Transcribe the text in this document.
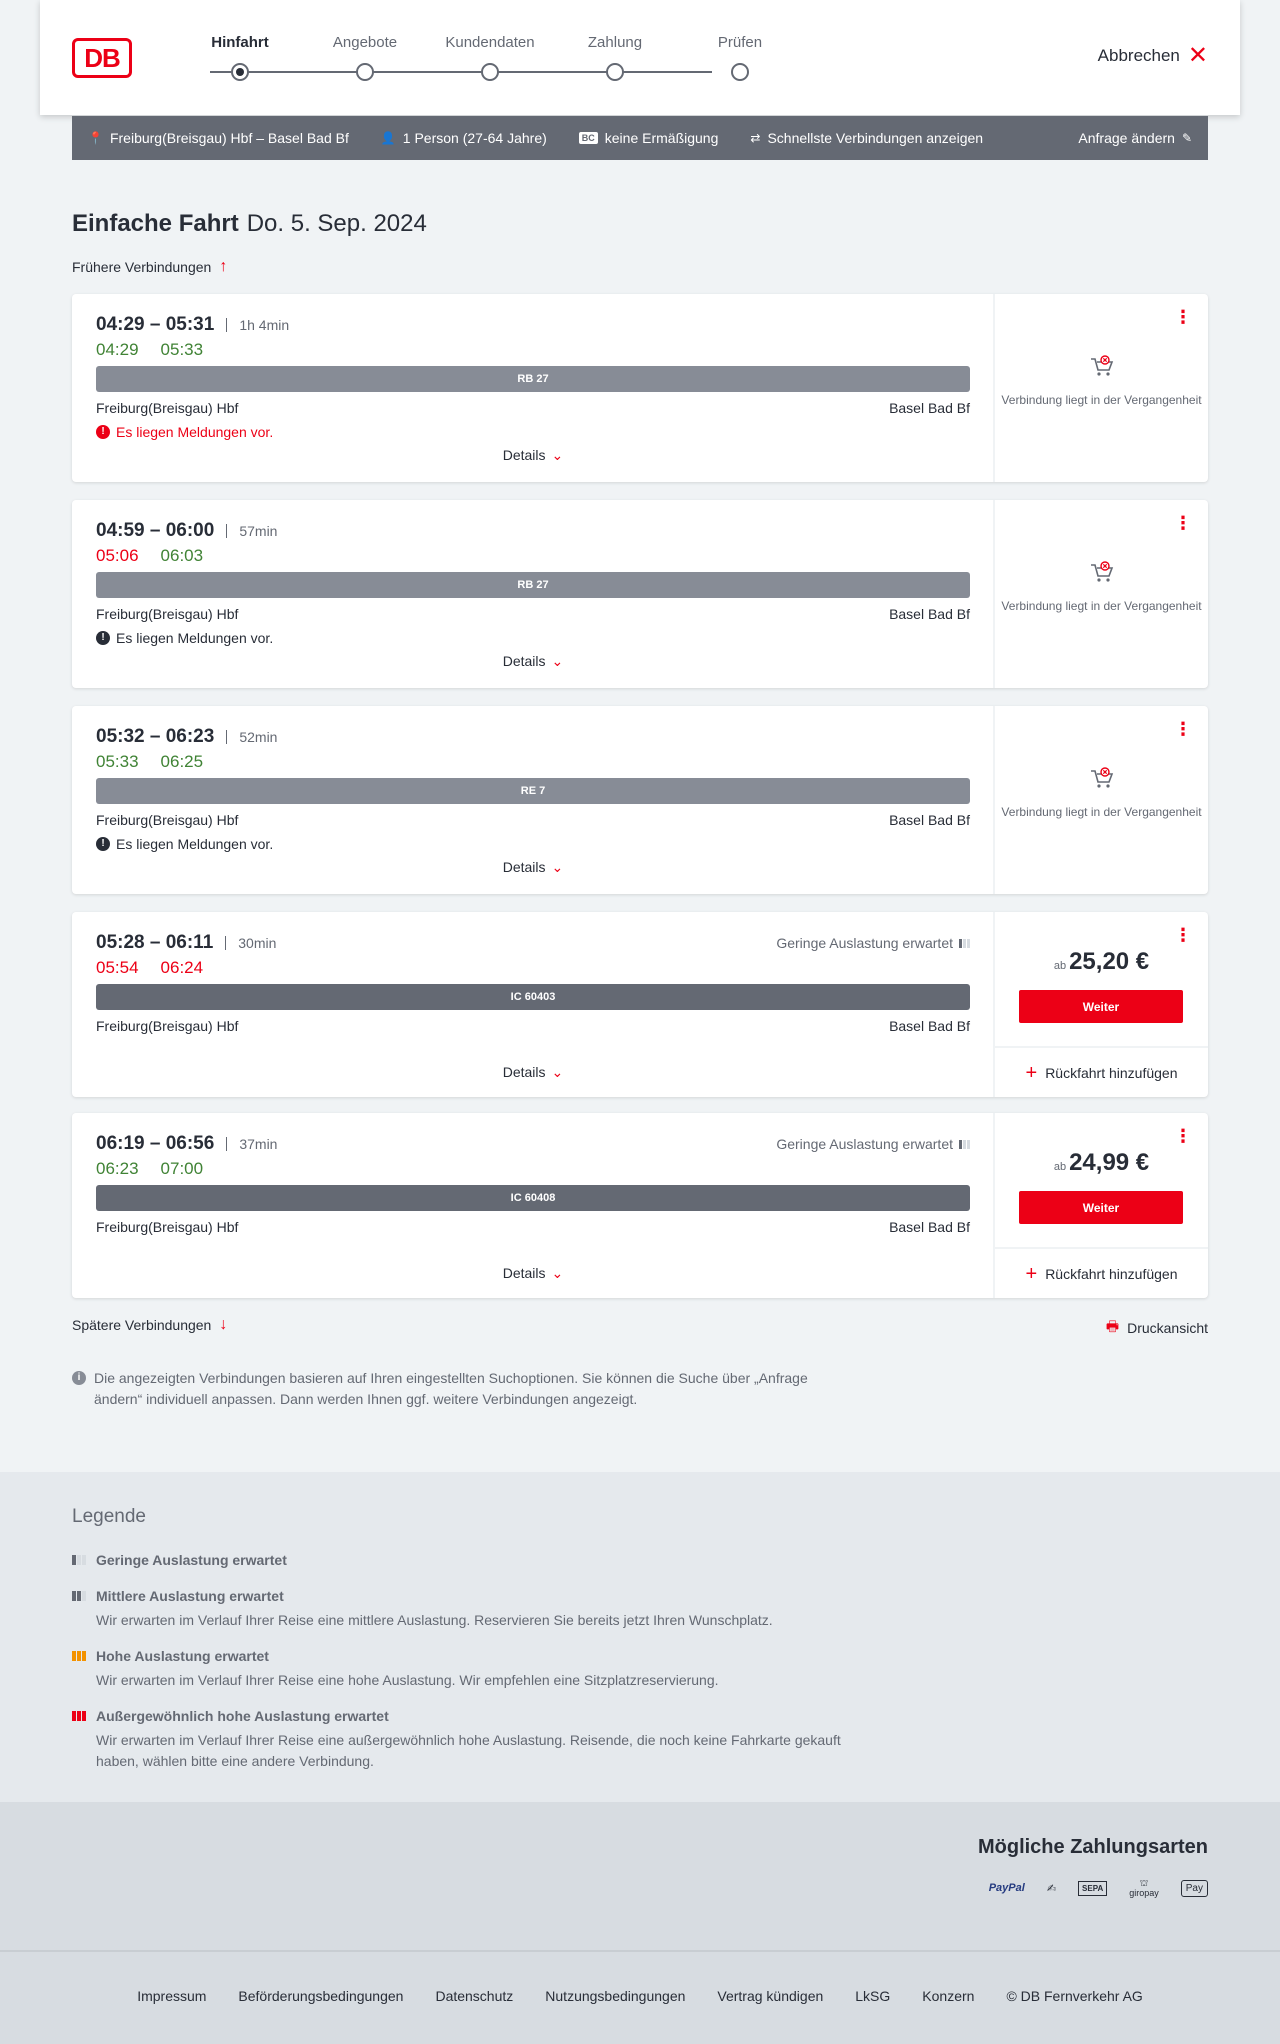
DB	Hinfahrt	Angebote	Kundendaten	Zahlung	Prüfen
Abbrechen ✕
📍 Freiburg(Breisgau) Hbf – Basel Bad Bf	👤 1 Person (27-64 Jahre)	BC keine Ermäßigung	⇄ Schnellste Verbindungen anzeigen	Anfrage ändern ✎
Einfache Fahrt Do. 5. Sep. 2024
Frühere Verbindungen ↑
04:29 – 05:31	1h 4min
04:29 05:33
RB 27
Freiburg(Breisgau) Hbf	Basel Bad Bf
! Es liegen Meldungen vor.
Details ⌄
⋮
Verbindung liegt in der Vergangenheit
04:59 – 06:00	57min
05:06 06:03
RB 27
Freiburg(Breisgau) Hbf	Basel Bad Bf
! Es liegen Meldungen vor.
Details ⌄
⋮
Verbindung liegt in der Vergangenheit
05:32 – 06:23	52min
05:33 06:25
RE 7
Freiburg(Breisgau) Hbf	Basel Bad Bf
! Es liegen Meldungen vor.
Details ⌄
⋮
Verbindung liegt in der Vergangenheit
05:28 – 06:11	30min	Geringe Auslastung erwartet
05:54 06:24
IC 60403
Freiburg(Breisgau) Hbf	Basel Bad Bf
Details ⌄
⋮
ab 25,20 €
Weiter
+ Rückfahrt hinzufügen
06:19 – 06:56	37min	Geringe Auslastung erwartet
06:23 07:00
IC 60408
Freiburg(Breisgau) Hbf	Basel Bad Bf
Details ⌄
⋮
ab 24,99 €
Weiter
+ Rückfahrt hinzufügen
Spätere Verbindungen ↓	🖶 Druckansicht
i Die angezeigten Verbindungen basieren auf Ihren eingestellten Suchoptionen. Sie können die Suche über „Anfrage ändern“ individuell anpassen. Dann werden Ihnen ggf. weitere Verbindungen angezeigt.
Legende
Geringe Auslastung erwartet
Mittlere Auslastung erwartet
Wir erwarten im Verlauf Ihrer Reise eine mittlere Auslastung. Reservieren Sie bereits jetzt Ihren Wunschplatz.
Hohe Auslastung erwartet
Wir erwarten im Verlauf Ihrer Reise eine hohe Auslastung. Wir empfehlen eine Sitzplatzreservierung.
Außergewöhnlich hohe Auslastung erwartet
Wir erwarten im Verlauf Ihrer Reise eine außergewöhnlich hohe Auslastung. Reisende, die noch keine Fahrkarte gekauft haben, wählen bitte eine andere Verbindung.
Mögliche Zahlungsarten
PayPal ✍	SEPA	⛫
giropay	Pay
Impressum Beförderungsbedingungen Datenschutz Nutzungsbedingungen Vertrag kündigen LkSG Konzern © DB Fernverkehr AG
